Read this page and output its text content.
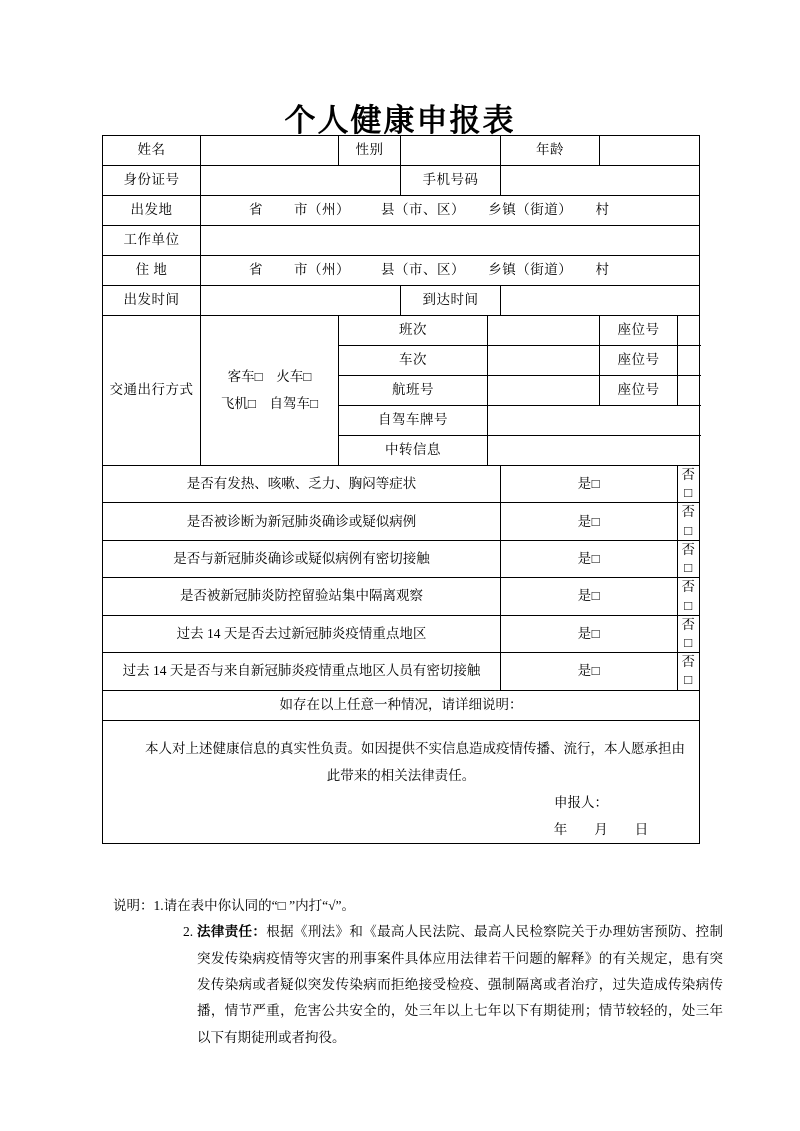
个人健康申报表
姓名		性别			年龄		
身份证号			手机号码				
出发地	省        市（州）        县（市、区）      乡镇（街道）      村						

工作单位							
住 地	省        市（州）        县（市、区）      乡镇（街道）      村						

出发时间			到达时间				
交通出行方式	客车□    火车□ 飞机□    自驾车□	班次				座位号	
		车次				座位号	
		航班号				座位号	
		自驾车牌号					
		中转信息					
是否有发热、咳嗽、乏力、胸闷等症状					是□		否□
是否被诊断为新冠肺炎确诊或疑似病例					是□		否□
是否与新冠肺炎确诊或疑似病例有密切接触					是□		否□
是否被新冠肺炎防控留验站集中隔离观察					是□		否□
过去 14 天是否去过新冠肺炎疫情重点地区					是□		否□
过去 14 天是否与来自新冠肺炎疫情重点地区人员有密切接触					是□		否□
如存在以上任意一种情况，请详细说明：							

本人对上述健康信息的真实性负责。如因提供不实信息造成疫情传播、流行，本人愿承担由

此带来的相关法律责任。

申报人：

年        月        日							

说明：1.请在表中你认同的“□ ”内打“√”。
2. 法律责任：根据《刑法》和《最高人民法院、最高人民检察院关于办理妨害预防、控制突发传染病疫情等灾害的刑事案件具体应用法律若干问题的解释》的有关规定，患有突发传染病或者疑似突发传染病而拒绝接受检疫、强制隔离或者治疗，过失造成传染病传播，情节严重，危害公共安全的，处三年以上七年以下有期徒刑；情节较轻的，处三年以下有期徒刑或者拘役。
